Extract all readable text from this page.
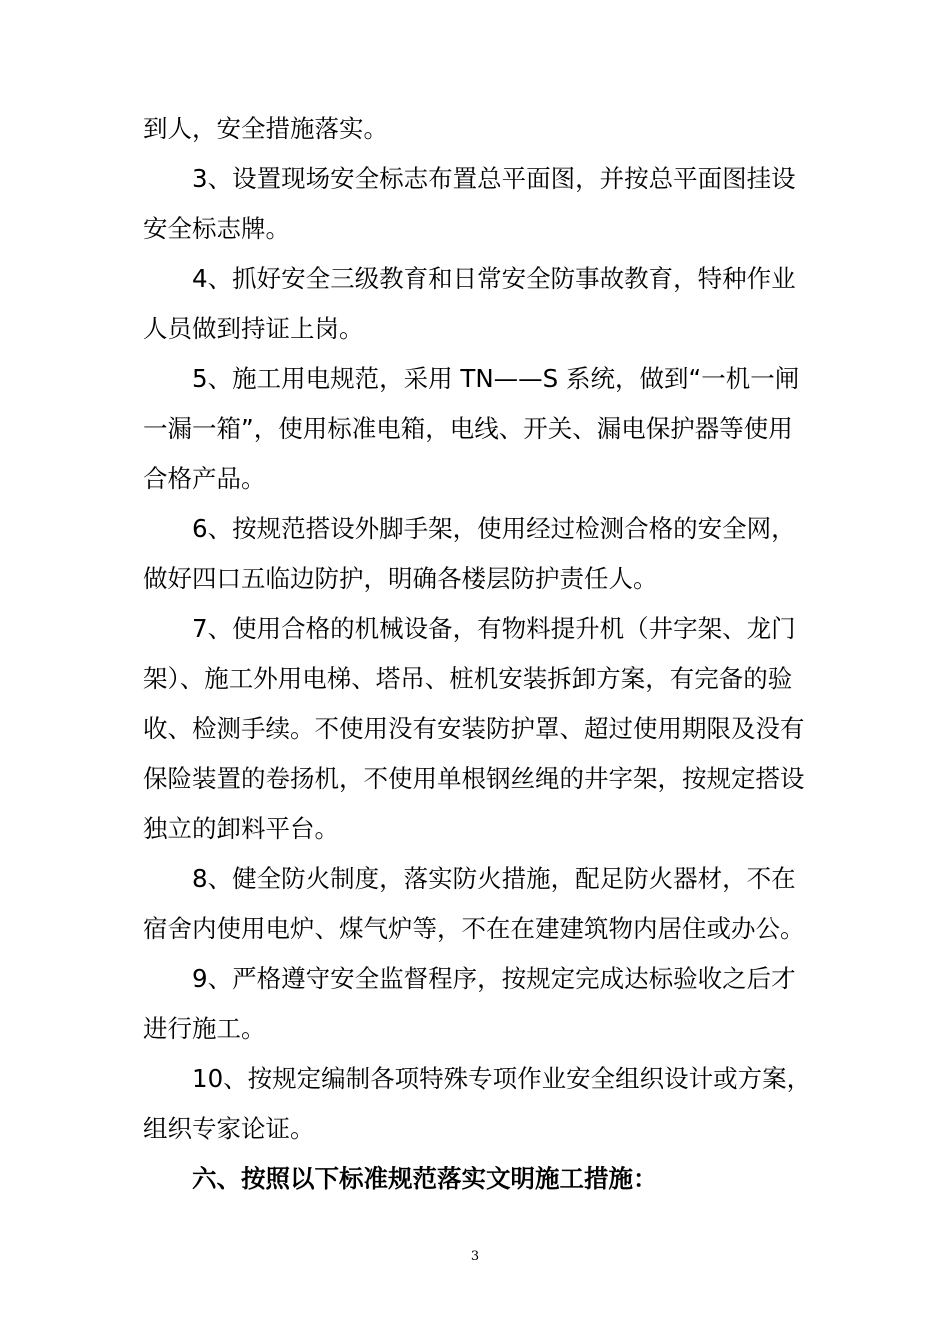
到人，安全措施落实。
3、设置现场安全标志布置总平面图，并按总平面图挂设
安全标志牌。
4、抓好安全三级教育和日常安全防事故教育，特种作业
人员做到持证上岗。
5、施工用电规范，采用 TN——S 系统，做到“一机一闸
一漏一箱”，使用标准电箱，电线、开关、漏电保护器等使用
合格产品。
6、按规范搭设外脚手架，使用经过检测合格的安全网，
做好四口五临边防护，明确各楼层防护责任人。
7、使用合格的机械设备，有物料提升机（井字架、龙门
架）、施工外用电梯、塔吊、桩机安装拆卸方案，有完备的验
收、检测手续。不使用没有安装防护罩、超过使用期限及没有
保险装置的卷扬机，不使用单根钢丝绳的井字架，按规定搭设
独立的卸料平台。
8、健全防火制度，落实防火措施，配足防火器材，不在
宿舍内使用电炉、煤气炉等，不在在建建筑物内居住或办公。
9、严格遵守安全监督程序，按规定完成达标验收之后才
进行施工。
10、按规定编制各项特殊专项作业安全组织设计或方案，
组织专家论证。
六、按照以下标准规范落实文明施工措施：
3
